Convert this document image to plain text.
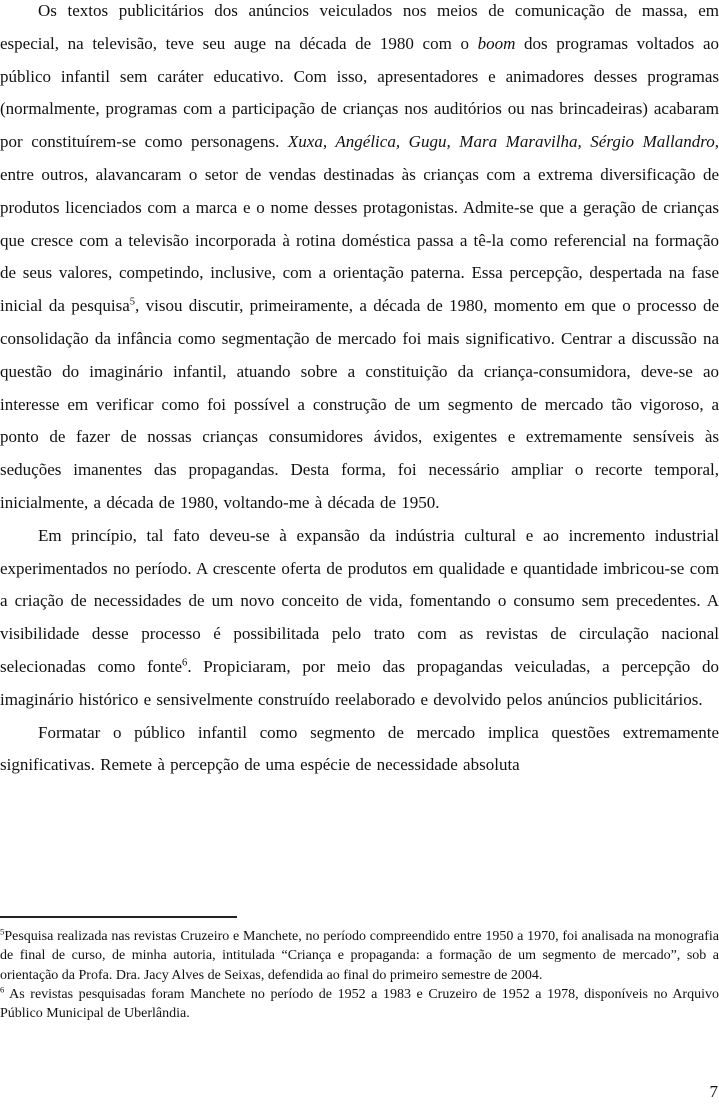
Os textos publicitários dos anúncios veiculados nos meios de comunicação de massa, em especial, na televisão, teve seu auge na década de 1980 com o boom dos programas voltados ao público infantil sem caráter educativo. Com isso, apresentadores e animadores desses programas (normalmente, programas com a participação de crianças nos auditórios ou nas brincadeiras) acabaram por constituírem-se como personagens. Xuxa, Angélica, Gugu, Mara Maravilha, Sérgio Mallandro, entre outros, alavancaram o setor de vendas destinadas às crianças com a extrema diversificação de produtos licenciados com a marca e o nome desses protagonistas. Admite-se que a geração de crianças que cresce com a televisão incorporada à rotina doméstica passa a tê-la como referencial na formação de seus valores, competindo, inclusive, com a orientação paterna. Essa percepção, despertada na fase inicial da pesquisa$^5$, visou discutir, primeiramente, a década de 1980, momento em que o processo de consolidação da infância como segmentação de mercado foi mais significativo. Centrar a discussão na questão do imaginário infantil, atuando sobre a constituição da criança-consumidora, deve-se ao interesse em verificar como foi possível a construção de um segmento de mercado tão vigoroso, a ponto de fazer de nossas crianças consumidores ávidos, exigentes e extremamente sensíveis às seduções imanentes das propagandas. Desta forma, foi necessário ampliar o recorte temporal, inicialmente, a década de 1980, voltando-me à década de 1950.

Em princípio, tal fato deveu-se à expansão da indústria cultural e ao incremento industrial experimentados no período. A crescente oferta de produtos em qualidade e quantidade imbricou-se com a criação de necessidades de um novo conceito de vida, fomentando o consumo sem precedentes. A visibilidade desse processo é possibilitada pelo trato com as revistas de circulação nacional selecionadas como fonte$^6$. Propiciaram, por meio das propagandas veiculadas, a percepção do imaginário histórico e sensivelmente construído reelaborado e devolvido pelos anúncios publicitários.

Formatar o público infantil como segmento de mercado implica questões extremamente significativas. Remete à percepção de uma espécie de necessidade absoluta

$^5$Pesquisa realizada nas revistas Cruzeiro e Manchete, no período compreendido entre 1950 a 1970, foi analisada na monografia de final de curso, de minha autoria, intitulada “Criança e propaganda: a formação de um segmento de mercado”, sob a orientação da Profa. Dra. Jacy Alves de Seixas, defendida ao final do primeiro semestre de 2004.
$^6$ As revistas pesquisadas foram Manchete no período de 1952 a 1983 e Cruzeiro de 1952 a 1978, disponíveis no Arquivo Público Municipal de Uberlândia.
7
